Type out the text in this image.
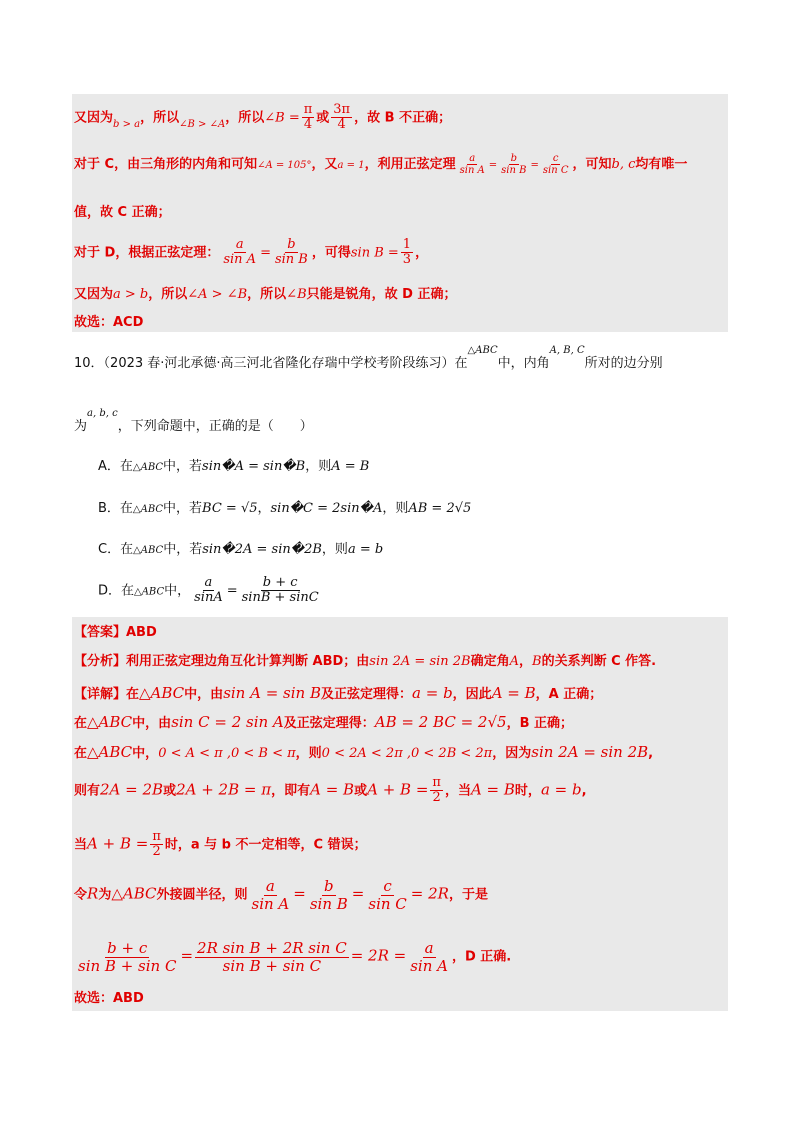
又因为$_{b > a}$，所以$_{\angle B > \angle A}$，所以∠B = $\frac{\pi}{4}$ 或 $\frac{3\pi}{4}$ ，故 B 不正确；
对于 C，由三角形的内角和可知∠A = 105°，又a = 1，利用正弦定理 $\frac{a}{\text{sin A}} = \frac{b}{\text{sin B}} = \frac{c}{\text{sin C}}$ ，可知b, c均有唯一
值，故 C 正确；
对于 D，根据正弦定理： $\frac{a}{\text{sin A}} = \frac{b}{\text{sin B}}$ ，可得$\sin B = \frac{1}{3}$ ，
又因为a > b，所以∠A > ∠B，所以∠B只能是锐角，故 D 正确；
故选：ACD
10．（2023 春·河北承德·高三河北省隆化存瑞中学校考阶段练习）在$^{\triangle ABC}$中，内角$^{A, B, C}$所对的边分别
为$^{a, b, c}$，下列命题中，正确的是（　　）
A．在△ABC中，若sin�A = sin�B，则A = B
B．在△ABC中，若BC = √5，sin�C = 2sin�A，则AB = 2√5
C．在△ABC中，若sin�2A = sin�2B，则a = b
D．在△ABC中， $\frac{a}{\sin A} = \frac{b + c}{\sin B + \sin C}$
【答案】ABD
【分析】利用正弦定理边角互化计算判断 ABD；由sin 2A = sin 2B确定角A，B的关系判断 C 作答.
【详解】在△ABC中，由sin A = sin B及正弦定理得：a = b，因此A = B，A 正确；
在△ABC中，由sin C = 2 sin A及正弦定理得：AB = 2 BC = 2√5，B 正确；
在△ABC中，0 < A < π ,0 < B < π，则0 < 2A < 2π ,0 < 2B < 2π，因为sin 2A = sin 2B,
则有2A = 2B或2A + 2B = π，即有A = B或$A + B = \frac{\pi}{2}$ ，当A = B时，a = b,
当$A + B = \frac{\pi}{2}$ 时，a 与 b 不一定相等，C 错误；
令R为△ABC外接圆半径，则 $\frac{a}{\text{sin A}} = \frac{b}{\text{sin B}} = \frac{c}{\text{sin C}} = 2R$，于是
$\frac{b + c}{\text{sin B + sin C}} = \frac{\text{2R sin B + 2R sin C}}{\text{sin B + sin C}} = 2R = \frac{a}{\text{sin A}}$ ，D 正确.
故选：ABD
